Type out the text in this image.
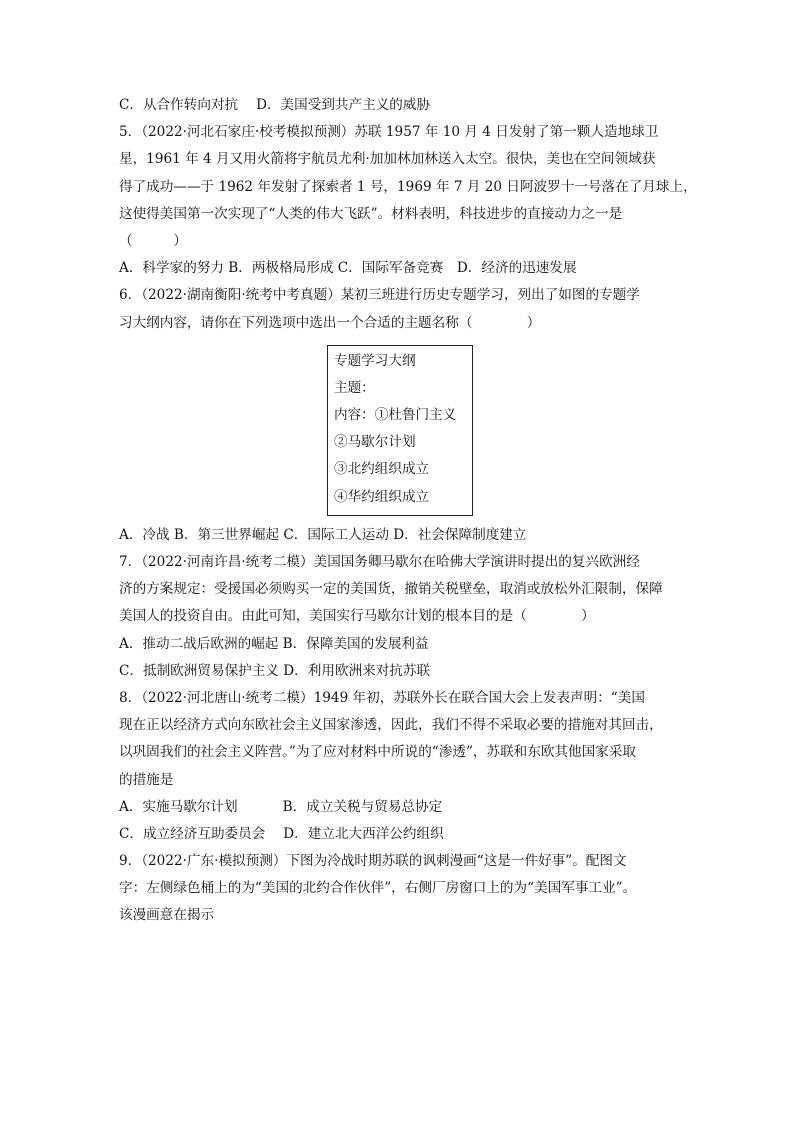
C．从合作转向对抗　 D．美国受到共产主义的威胁
5．（2022·河北石家庄·校考模拟预测）苏联 1957 年 10 月 4 日发射了第一颗人造地球卫
星，1961 年 4 月又用火箭将宇航员尤利·加加林加林送入太空。很快，美也在空间领域获
得了成功——于 1962 年发射了探索者 1 号，1969 年 7 月 20 日阿波罗十一号落在了月球上，
这使得美国第一次实现了“人类的伟大飞跃”。材料表明，科技进步的直接动力之一是
（　　　）
A．科学家的努力 B．两极格局形成 C．国际军备竞赛　D．经济的迅速发展
6．（2022·湖南衡阳·统考中考真题）某初三班进行历史专题学习，列出了如图的专题学
习大纲内容，请你在下列选项中选出一个合适的主题名称（　　　　）
专题学习大纲
主题：
内容：①杜鲁门主义
②马歇尔计划
③北约组织成立
④华约组织成立
A．冷战 B．第三世界崛起 C．国际工人运动 D．社会保障制度建立
7．（2022·河南许昌·统考二模）美国国务卿马歇尔在哈佛大学演讲时提出的复兴欧洲经
济的方案规定：受援国必须购买一定的美国货，撤销关税壁垒，取消或放松外汇限制，保障
美国人的投资自由。由此可知，美国实行马歇尔计划的根本目的是（　　　　）
A．推动二战后欧洲的崛起 B．保障美国的发展利益
C．抵制欧洲贸易保护主义 D．利用欧洲来对抗苏联
8．（2022·河北唐山·统考二模）1949 年初，苏联外长在联合国大会上发表声明：“美国
现在正以经济方式向东欧社会主义国家渗透，因此，我们不得不采取必要的措施对其回击，
以巩固我们的社会主义阵营。”为了应对材料中所说的“渗透”，苏联和东欧其他国家采取
的措施是
A．实施马歇尔计划　　　 B．成立关税与贸易总协定
C．成立经济互助委员会　 D．建立北大西洋公约组织
9．（2022·广东·模拟预测）下图为冷战时期苏联的讽刺漫画“这是一件好事”。配图文
字：左侧绿色桶上的为“美国的北约合作伙伴”，右侧厂房窗口上的为“美国军事工业”。
该漫画意在揭示
